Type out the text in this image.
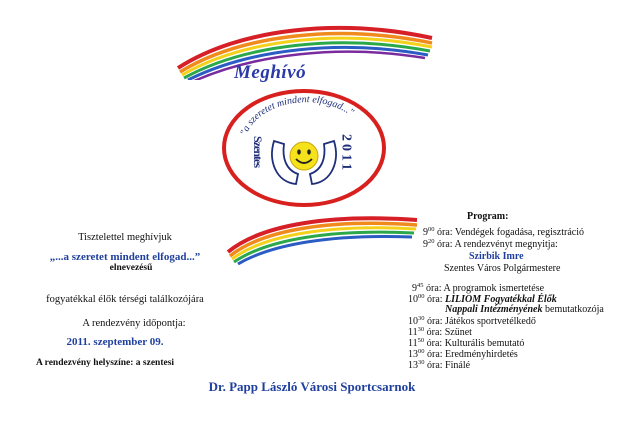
Meghívó
"a szeretet mindent elfogad..."
Szentes	2011
Tisztelettel meghívjuk
„...a szeretet mindent elfogad...”
elnevezésű
fogyatékkal élők térségi találkozójára
A rendezvény időpontja:
2011. szeptember 09.
A rendezvény helyszíne: a szentesi
Program:
$9^{00}$ óra: Vendégek fogadása, regisztráció
$9^{20}$ óra: A rendezvényt megnyitja:
Szirbik Imre
Szentes Város Polgármestere
$9^{45}$ óra: A programok ismertetése
$10^{00}$ óra: LILIOM Fogyatékkal Élők
Nappali Intézményének bemutatkozója
$10^{30}$ óra: Játékos sportvetélkedő
$11^{30}$ óra: Szünet
$11^{50}$ óra: Kulturális bemutató
$13^{00}$ óra: Eredményhirdetés
$13^{30}$ óra: Finálé
Dr. Papp László Városi Sportcsarnok
